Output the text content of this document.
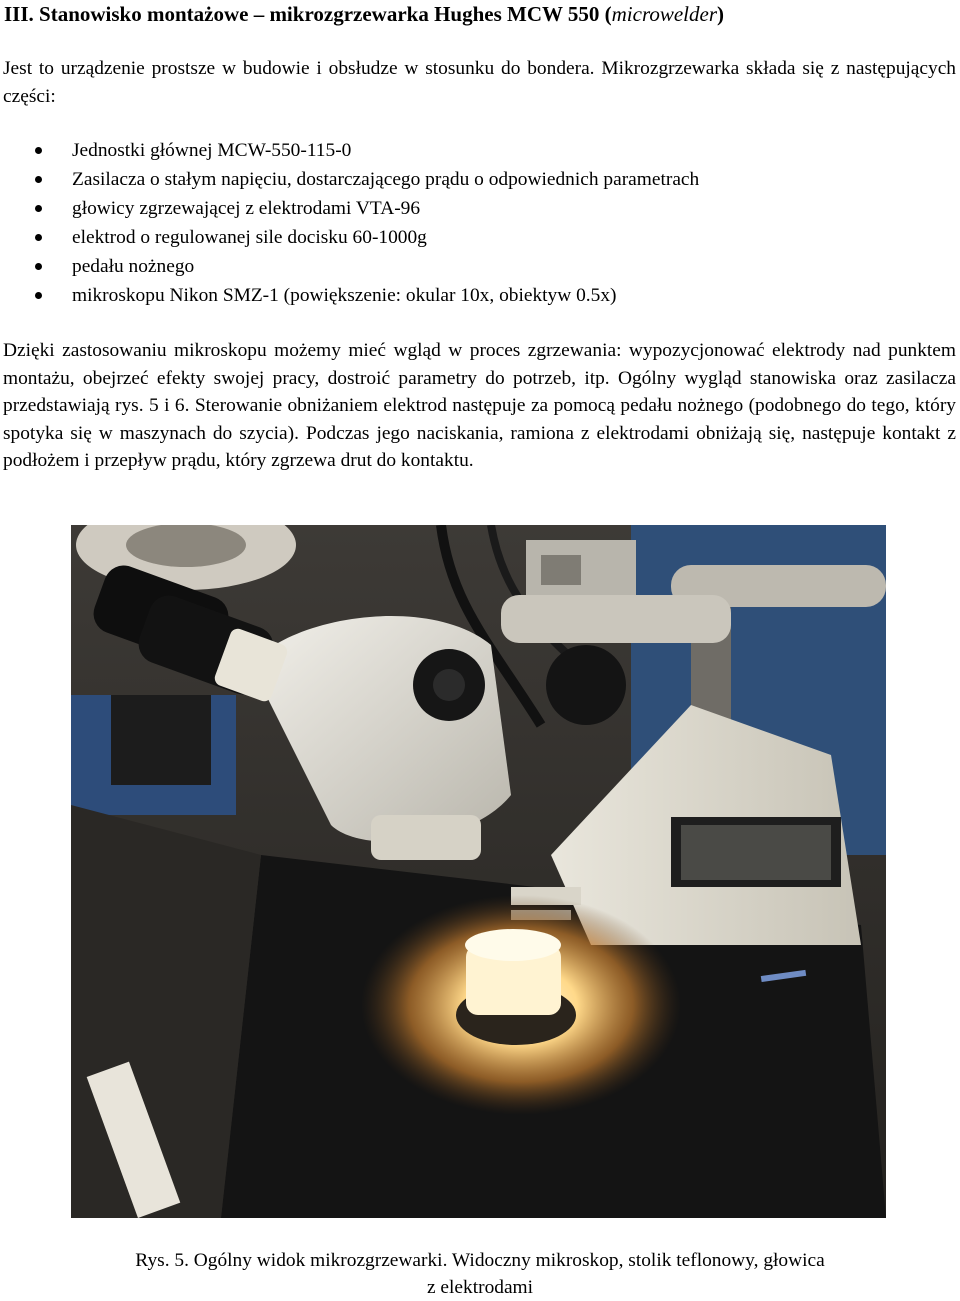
III. Stanowisko montażowe – mikrozgrzewarka Hughes MCW 550 (microwelder)

Jest to urządzenie prostsze w budowie i obsłudze w stosunku do bondera. Mikrozgrzewarka składa się z następujących części:

Jednostki głównej MCW-550-115-0
Zasilacza o stałym napięciu, dostarczającego prądu o odpowiednich parametrach
głowicy zgrzewającej z elektrodami VTA-96
elektrod o regulowanej sile docisku 60-1000g
pedału nożnego
mikroskopu Nikon SMZ-1 (powiększenie: okular 10x, obiektyw 0.5x)

Dzięki zastosowaniu mikroskopu możemy mieć wgląd w proces zgrzewania: wypozycjonować elektrody nad punktem montażu, obejrzeć efekty swojej pracy, dostroić parametry do potrzeb, itp. Ogólny wygląd stanowiska oraz zasilacza przedstawiają rys. 5 i 6. Sterowanie obniżaniem elektrod następuje za pomocą pedału nożnego (podobnego do tego, który spotyka się w maszynach do szycia). Podczas jego naciskania, ramiona z elektrodami obniżają się, następuje kontakt z podłożem i przepływ prądu, który zgrzewa drut do kontaktu.

Rys. 5. Ogólny widok mikrozgrzewarki. Widoczny mikroskop, stolik teflonowy, głowica
z elektrodami
